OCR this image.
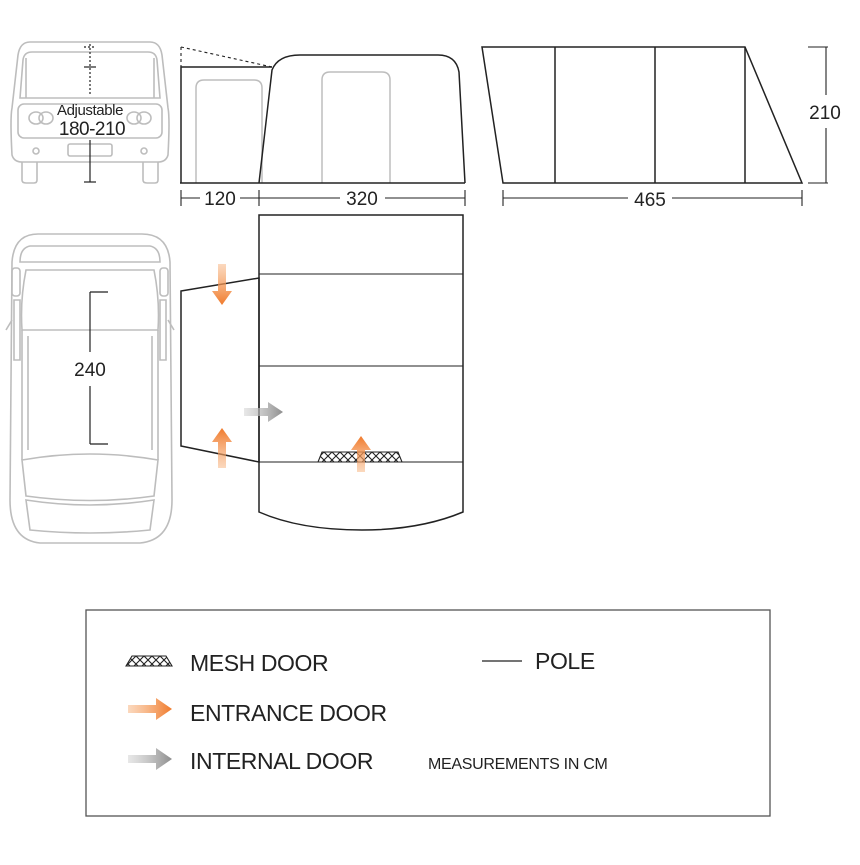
Adjustable
180-210
120	320	465
210
240
MESH DOOR	POLE
ENTRANCE DOOR
INTERNAL DOOR	MEASUREMENTS IN CM
